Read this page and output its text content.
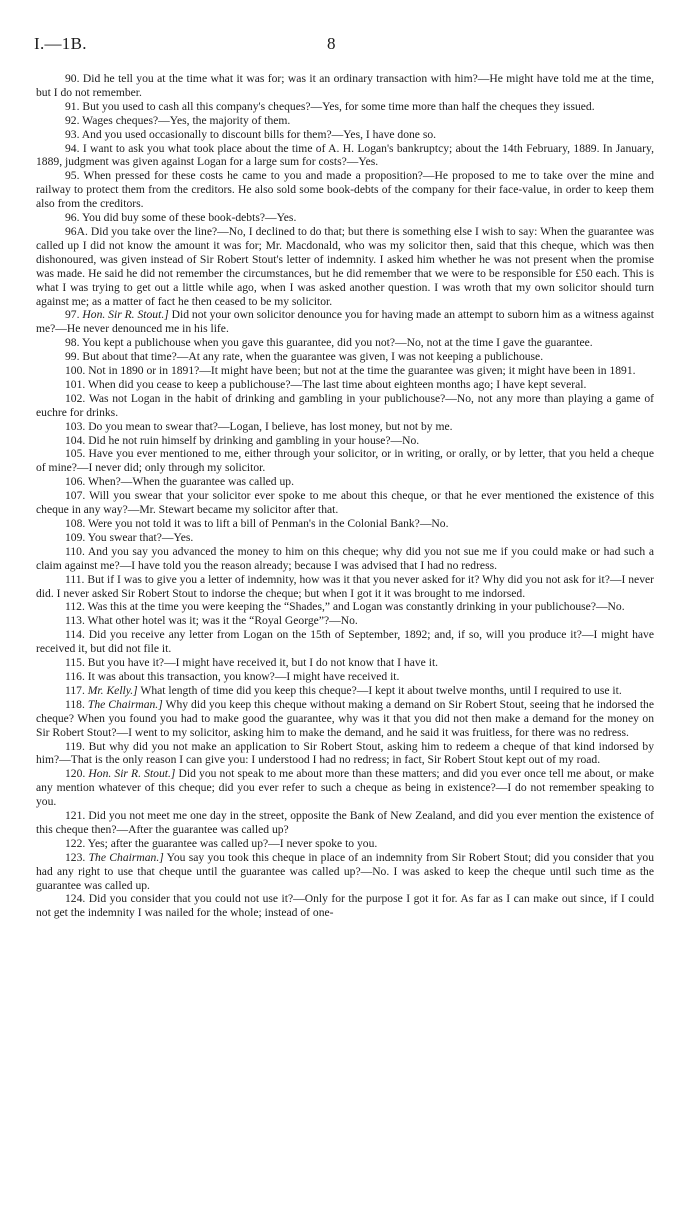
I.—1B.	8

90. Did he tell you at the time what it was for; was it an ordinary transaction with him?—He might have told me at the time, but I do not remember.

91. But you used to cash all this company's cheques?—Yes, for some time more than half the cheques they issued.

92. Wages cheques?—Yes, the majority of them.

93. And you used occasionally to discount bills for them?—Yes, I have done so.

94. I want to ask you what took place about the time of A. H. Logan's bankruptcy; about the 14th February, 1889. In January, 1889, judgment was given against Logan for a large sum for costs?—Yes.

95. When pressed for these costs he came to you and made a proposition?—He proposed to me to take over the mine and railway to protect them from the creditors. He also sold some book-debts of the company for their face-value, in order to keep them also from the creditors.

96. You did buy some of these book-debts?—Yes.

96A. Did you take over the line?—No, I declined to do that; but there is something else I wish to say: When the guarantee was called up I did not know the amount it was for; Mr. Macdonald, who was my solicitor then, said that this cheque, which was then dishonoured, was given instead of Sir Robert Stout's letter of indemnity. I asked him whether he was not present when the promise was made. He said he did not remember the circumstances, but he did remember that we were to be responsible for £50 each. This is what I was trying to get out a little while ago, when I was asked another question. I was wroth that my own solicitor should turn against me; as a matter of fact he then ceased to be my solicitor.

97. Hon. Sir R. Stout.] Did not your own solicitor denounce you for having made an attempt to suborn him as a witness against me?—He never denounced me in his life.

98. You kept a publichouse when you gave this guarantee, did you not?—No, not at the time I gave the guarantee.

99. But about that time?—At any rate, when the guarantee was given, I was not keeping a publichouse.

100. Not in 1890 or in 1891?—It might have been; but not at the time the guarantee was given; it might have been in 1891.

101. When did you cease to keep a publichouse?—The last time about eighteen months ago; I have kept several.

102. Was not Logan in the habit of drinking and gambling in your publichouse?—No, not any more than playing a game of euchre for drinks.

103. Do you mean to swear that?—Logan, I believe, has lost money, but not by me.

104. Did he not ruin himself by drinking and gambling in your house?—No.

105. Have you ever mentioned to me, either through your solicitor, or in writing, or orally, or by letter, that you held a cheque of mine?—I never did; only through my solicitor.

106. When?—When the guarantee was called up.

107. Will you swear that your solicitor ever spoke to me about this cheque, or that he ever mentioned the existence of this cheque in any way?—Mr. Stewart became my solicitor after that.

108. Were you not told it was to lift a bill of Penman's in the Colonial Bank?—No.

109. You swear that?—Yes.

110. And you say you advanced the money to him on this cheque; why did you not sue me if you could make or had such a claim against me?—I have told you the reason already; because I was advised that I had no redress.

111. But if I was to give you a letter of indemnity, how was it that you never asked for it? Why did you not ask for it?—I never did. I never asked Sir Robert Stout to indorse the cheque; but when I got it it was brought to me indorsed.

112. Was this at the time you were keeping the “Shades,” and Logan was constantly drinking in your publichouse?—No.

113. What other hotel was it; was it the “Royal George”?—No.

114. Did you receive any letter from Logan on the 15th of September, 1892; and, if so, will you produce it?—I might have received it, but did not file it.

115. But you have it?—I might have received it, but I do not know that I have it.

116. It was about this transaction, you know?—I might have received it.

117. Mr. Kelly.] What length of time did you keep this cheque?—I kept it about twelve months, until I required to use it.

118. The Chairman.] Why did you keep this cheque without making a demand on Sir Robert Stout, seeing that he indorsed the cheque? When you found you had to make good the guarantee, why was it that you did not then make a demand for the money on Sir Robert Stout?—I went to my solicitor, asking him to make the demand, and he said it was fruitless, for there was no redress.

119. But why did you not make an application to Sir Robert Stout, asking him to redeem a cheque of that kind indorsed by him?—That is the only reason I can give you: I understood I had no redress; in fact, Sir Robert Stout kept out of my road.

120. Hon. Sir R. Stout.] Did you not speak to me about more than these matters; and did you ever once tell me about, or make any mention whatever of this cheque; did you ever refer to such a cheque as being in existence?—I do not remember speaking to you.

121. Did you not meet me one day in the street, opposite the Bank of New Zealand, and did you ever mention the existence of this cheque then?—After the guarantee was called up?

122. Yes; after the guarantee was called up?—I never spoke to you.

123. The Chairman.] You say you took this cheque in place of an indemnity from Sir Robert Stout; did you consider that you had any right to use that cheque until the guarantee was called up?—No. I was asked to keep the cheque until such time as the guarantee was called up.

124. Did you consider that you could not use it?—Only for the purpose I got it for. As far as I can make out since, if I could not get the indemnity I was nailed for the whole; instead of one-
